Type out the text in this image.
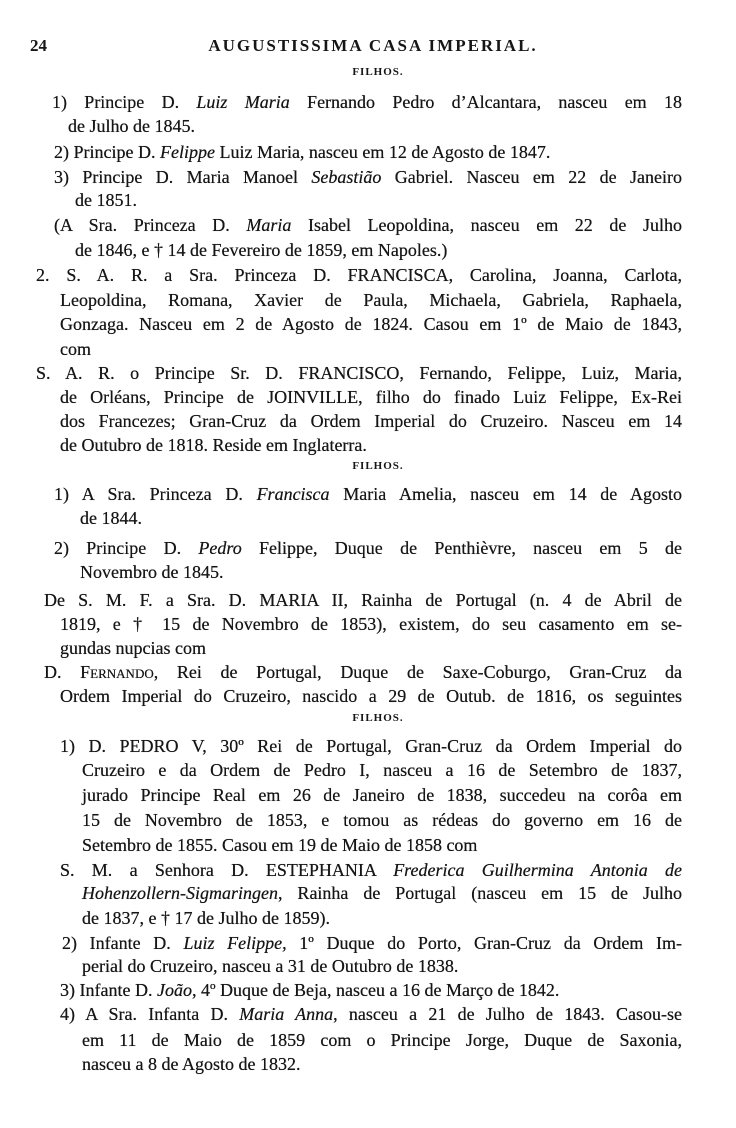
24	AUGUSTISSIMA CASA IMPERIAL.
FILHOS.
FILHOS.
FILHOS.
1) Principe D. Luiz Maria Fernando Pedro d’Alcantara, nasceu em 18
de Julho de 1845.
2) Principe D. Felippe Luiz Maria, nasceu em 12 de Agosto de 1847.
3) Principe D. Maria Manoel Sebastião Gabriel. Nasceu em 22 de Janeiro
de 1851.
(A Sra. Princeza D. Maria Isabel Leopoldina, nasceu em 22 de Julho
de 1846, e † 14 de Fevereiro de 1859, em Napoles.)
2. S. A. R. a Sra. Princeza D. FRANCISCA, Carolina, Joanna, Carlota,
Leopoldina, Romana, Xavier de Paula, Michaela, Gabriela, Raphaela,
Gonzaga. Nasceu em 2 de Agosto de 1824. Casou em 1º de Maio de 1843,
com
S. A. R. o Principe Sr. D. FRANCISCO, Fernando, Felippe, Luiz, Maria,
de Orléans, Principe de JOINVILLE, filho do finado Luiz Felippe, Ex-Rei
dos Francezes; Gran-Cruz da Ordem Imperial do Cruzeiro. Nasceu em 14
de Outubro de 1818. Reside em Inglaterra.
1) A Sra. Princeza D. Francisca Maria Amelia, nasceu em 14 de Agosto
de 1844.
2) Principe D. Pedro Felippe, Duque de Penthièvre, nasceu em 5 de
Novembro de 1845.
De S. M. F. a Sra. D. MARIA II, Rainha de Portugal (n. 4 de Abril de
1819, e † 15 de Novembro de 1853), existem, do seu casamento em se-
gundas nupcias com
D. Fernando, Rei de Portugal, Duque de Saxe-Coburgo, Gran-Cruz da
Ordem Imperial do Cruzeiro, nascido a 29 de Outub. de 1816, os seguintes
1) D. PEDRO V, 30º Rei de Portugal, Gran-Cruz da Ordem Imperial do
Cruzeiro e da Ordem de Pedro I, nasceu a 16 de Setembro de 1837,
jurado Principe Real em 26 de Janeiro de 1838, succedeu na corôa em
15 de Novembro de 1853, e tomou as rédeas do governo em 16 de
Setembro de 1855. Casou em 19 de Maio de 1858 com
S. M. a Senhora D. ESTEPHANIA Frederica Guilhermina Antonia de
Hohenzollern-Sigmaringen, Rainha de Portugal (nasceu em 15 de Julho
de 1837, e † 17 de Julho de 1859).
2) Infante D. Luiz Felippe, 1º Duque do Porto, Gran-Cruz da Ordem Im-
perial do Cruzeiro, nasceu a 31 de Outubro de 1838.
3) Infante D. João, 4º Duque de Beja, nasceu a 16 de Março de 1842.
4) A Sra. Infanta D. Maria Anna, nasceu a 21 de Julho de 1843. Casou-se
em 11 de Maio de 1859 com o Principe Jorge, Duque de Saxonia,
nasceu a 8 de Agosto de 1832.
